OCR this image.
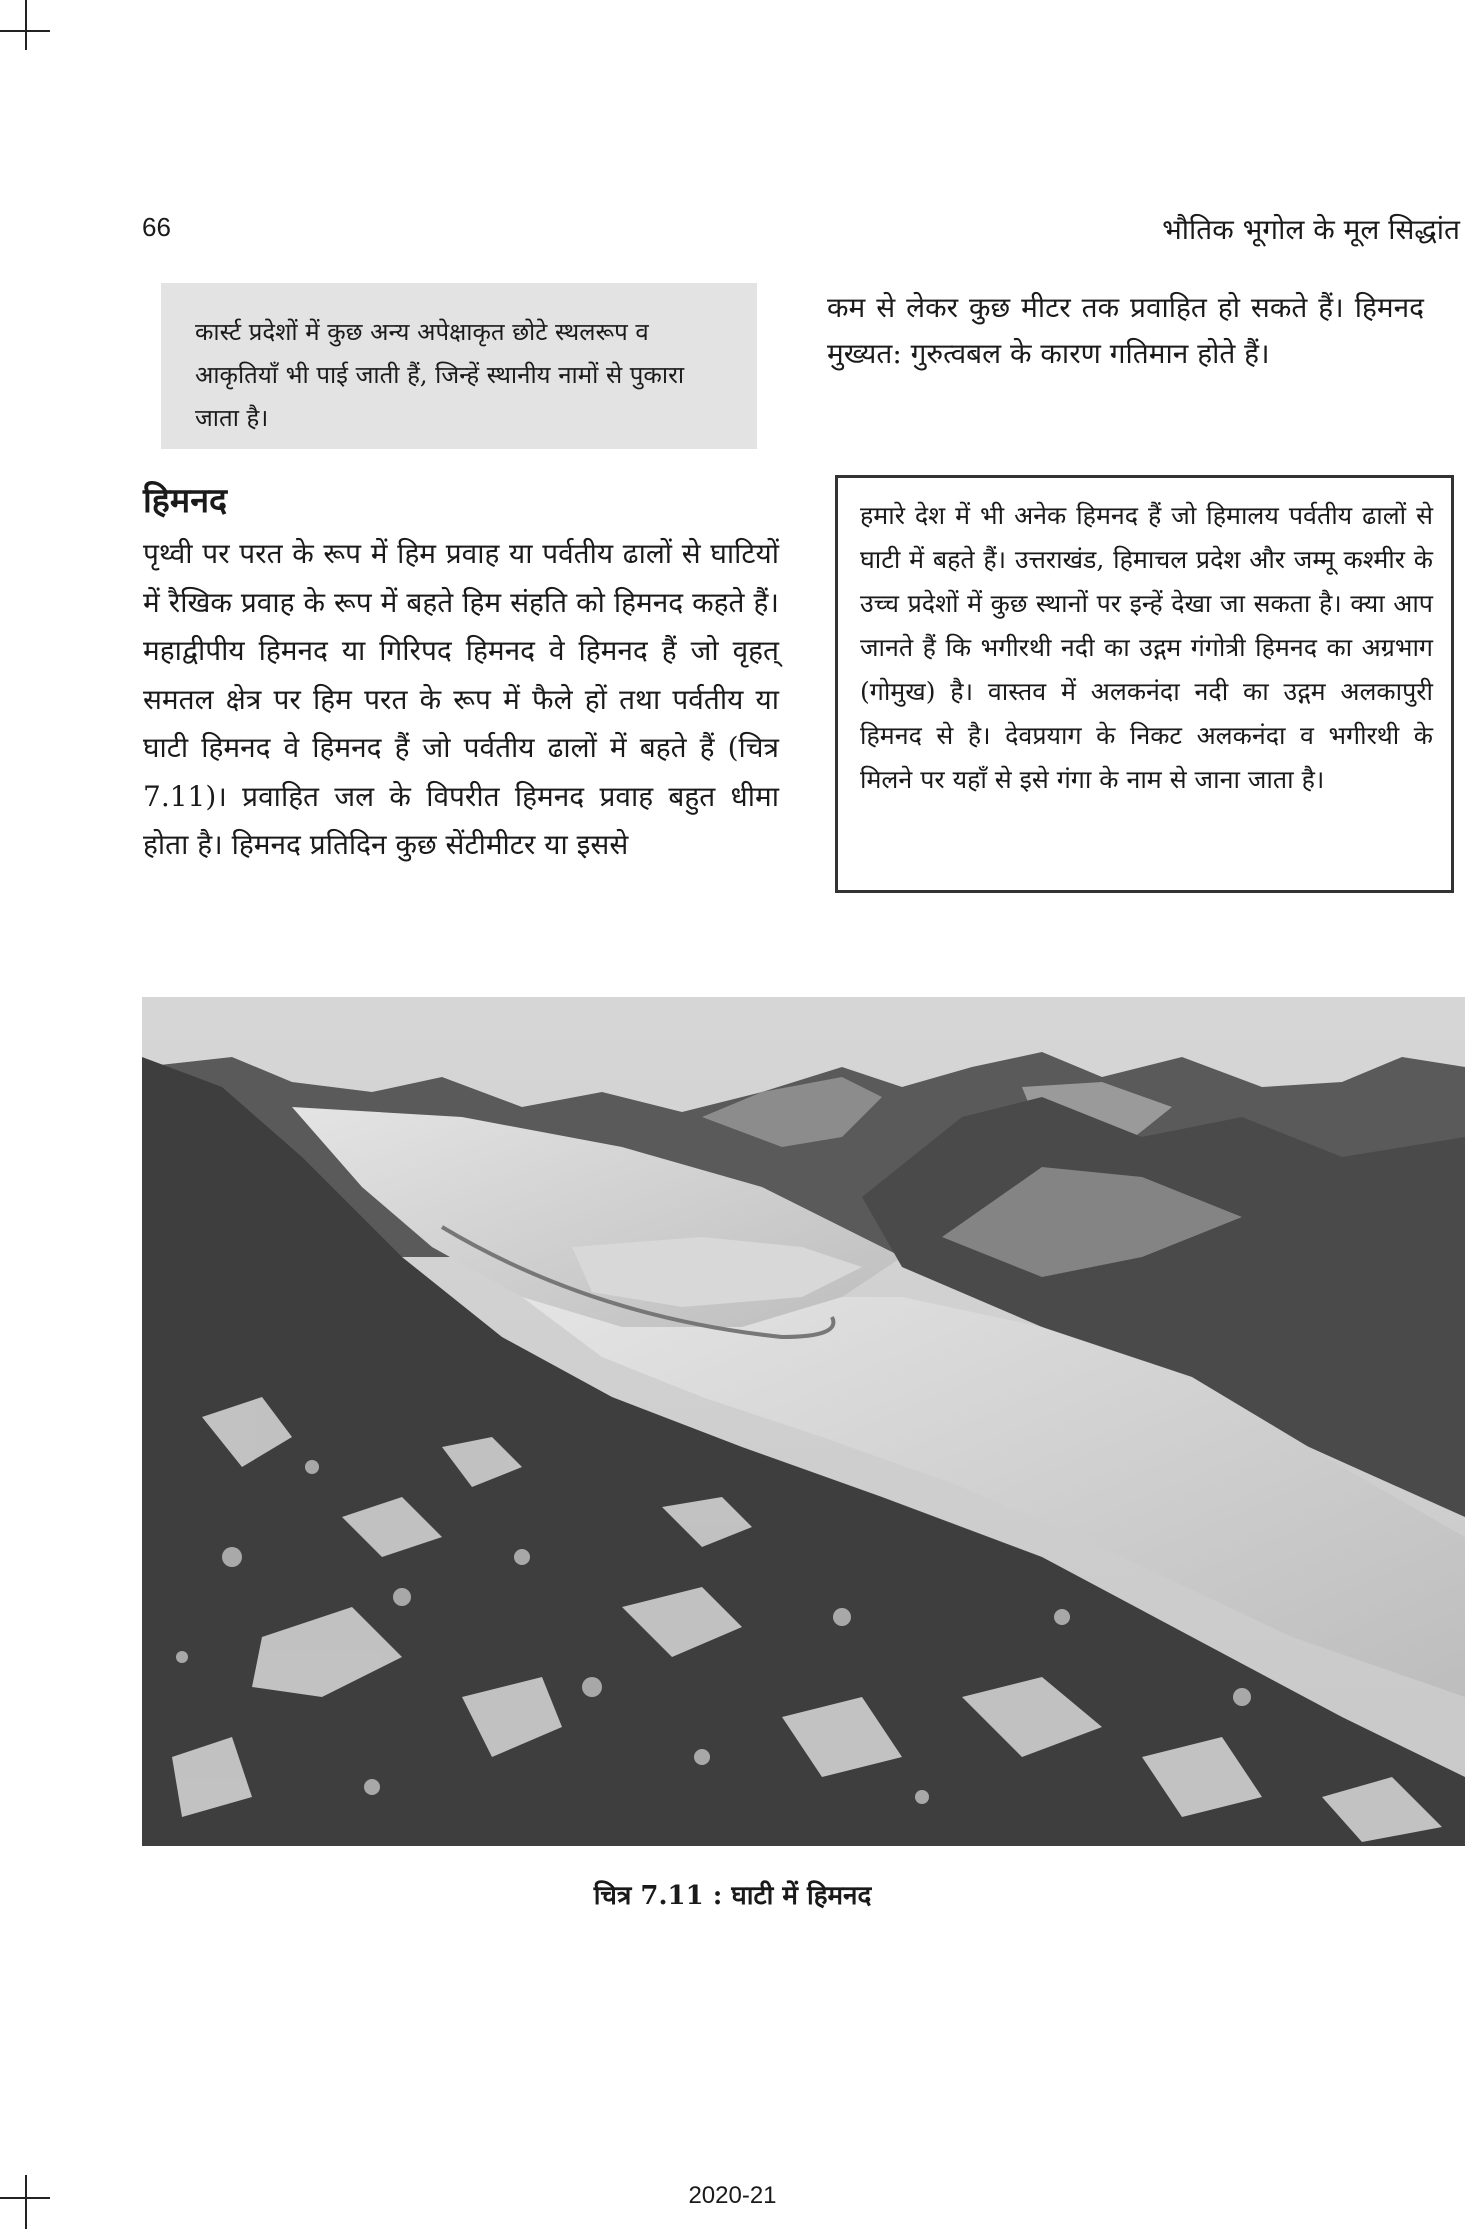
66	भौतिक भूगोल के मूल सिद्धांत
कार्स्ट प्रदेशों में कुछ अन्य अपेक्षाकृत छोटे स्थलरूप व आकृतियाँ भी पाई जाती हैं, जिन्हें स्थानीय नामों से पुकारा जाता है।
कम से लेकर कुछ मीटर तक प्रवाहित हो सकते हैं। हिमनद मुख्यत: गुरुत्वबल के कारण गतिमान होते हैं।
हिमनद
पृथ्वी पर परत के रूप में हिम प्रवाह या पर्वतीय ढालों से घाटियों में रैखिक प्रवाह के रूप में बहते हिम संहति को हिमनद कहते हैं। महाद्वीपीय हिमनद या गिरिपद हिमनद वे हिमनद हैं जो वृहत् समतल क्षेत्र पर हिम परत के रूप में फैले हों तथा पर्वतीय या घाटी हिमनद वे हिमनद हैं जो पर्वतीय ढालों में बहते हैं (चित्र 7.11)। प्रवाहित जल के विपरीत हिमनद प्रवाह बहुत धीमा होता है। हिमनद प्रतिदिन कुछ सेंटीमीटर या इससे
हमारे देश में भी अनेक हिमनद हैं जो हिमालय पर्वतीय ढालों से घाटी में बहते हैं। उत्तराखंड, हिमाचल प्रदेश और जम्मू कश्मीर के उच्च प्रदेशों में कुछ स्थानों पर इन्हें देखा जा सकता है। क्या आप जानते हैं कि भगीरथी नदी का उद्गम गंगोत्री हिमनद का अग्रभाग (गोमुख) है। वास्तव में अलकनंदा नदी का उद्गम अलकापुरी हिमनद से है। देवप्रयाग के निकट अलकनंदा व भगीरथी के मिलने पर यहाँ से इसे गंगा के नाम से जाना जाता है।
चित्र 7.11 : घाटी में हिमनद
2020-21
